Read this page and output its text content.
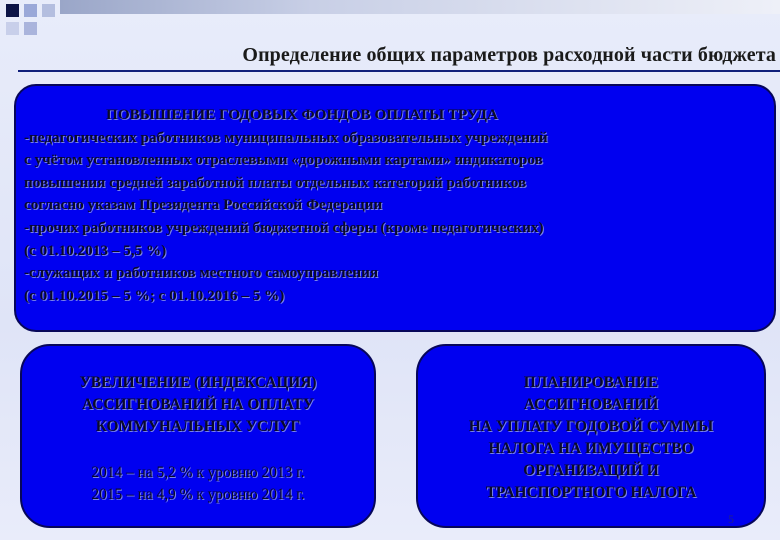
Определение общих параметров расходной части бюджета
ПОВЫШЕНИЕ ГОДОВЫХ ФОНДОВ ОПЛАТЫ ТРУДА
-педагогических работников муниципальных образовательных учреждений
с учётом установленных отраслевыми «дорожными картами» индикаторов
повышения средней заработной платы отдельных категорий работников
согласно указам Президента Российской Федерации
-прочих работников учреждений бюджетной сферы (кроме педагогических)
(с 01.10.2013 – 5,5 %)
-служащих и работников местного самоуправления
(с 01.10.2015 – 5 %; с 01.10.2016 – 5 %)
УВЕЛИЧЕНИЕ (ИНДЕКСАЦИЯ)
АССИГНОВАНИЙ НА ОПЛАТУ
КОММУНАЛЬНЫХ УСЛУГ
2014 – на 5,2 % к уровню 2013 г.
2015 – на 4,9 % к уровню 2014 г.
ПЛАНИРОВАНИЕ
АССИГНОВАНИЙ
НА УПЛАТУ ГОДОВОЙ СУММЫ
НАЛОГА НА ИМУЩЕСТВО
ОРГАНИЗАЦИЙ И
ТРАНСПОРТНОГО НАЛОГА
5
